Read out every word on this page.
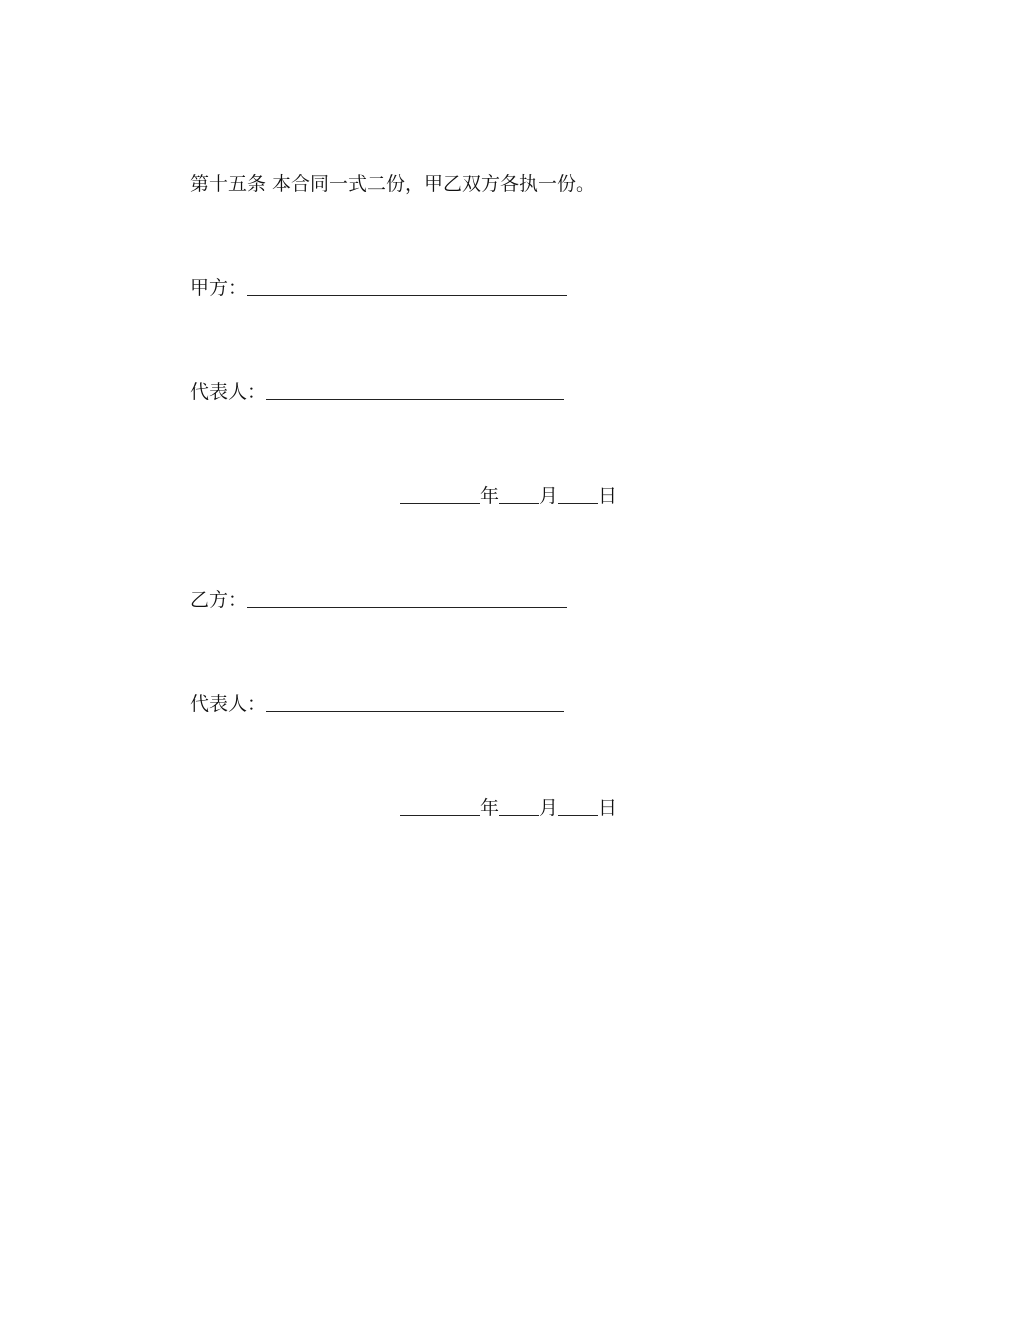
第十五条 本合同一式二份，甲乙双方各执一份。
甲方：
代表人：
年 月 日
乙方：
代表人：
年 月 日
